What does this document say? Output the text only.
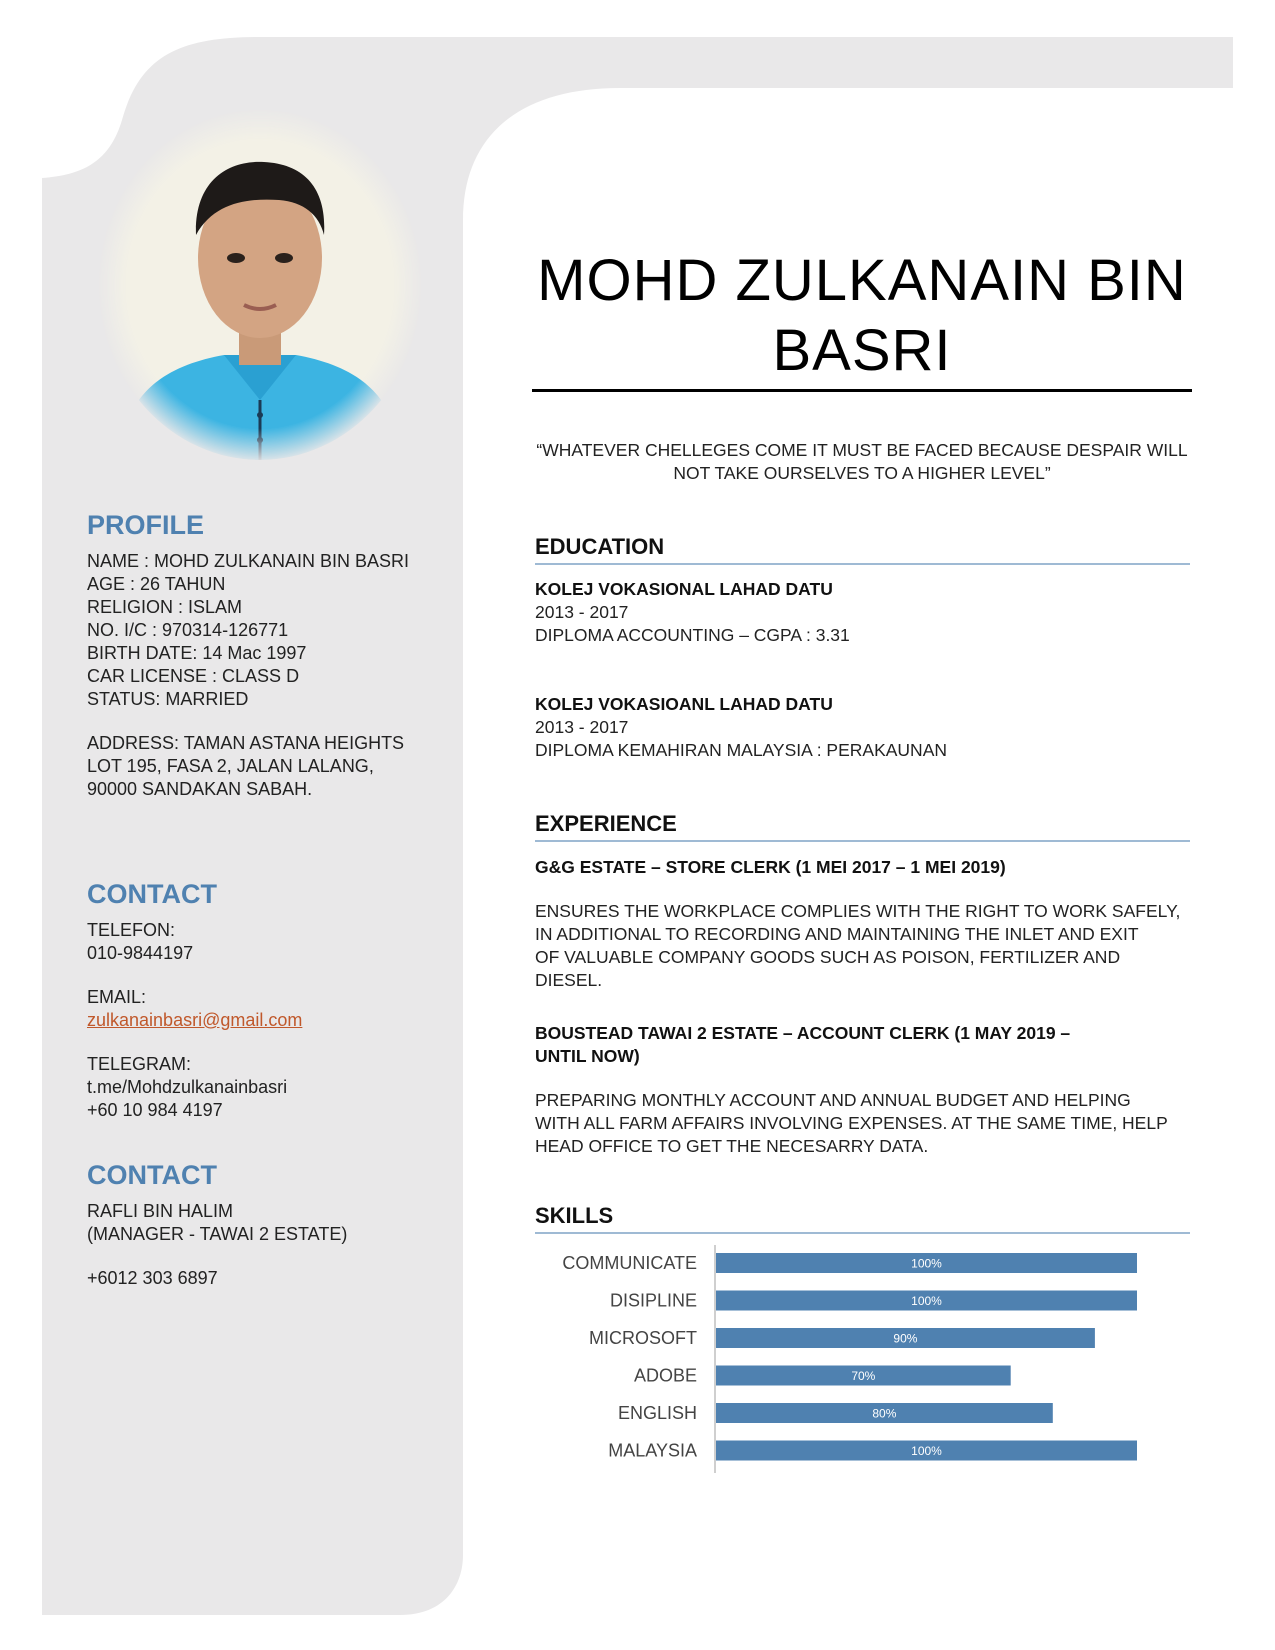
PROFILE
NAME : MOHD ZULKANAIN BIN BASRI
AGE : 26 TAHUN
RELIGION : ISLAM
NO. I/C : 970314-126771
BIRTH DATE: 14 Mac 1997
CAR LICENSE : CLASS D
STATUS: MARRIED
ADDRESS: TAMAN ASTANA HEIGHTS
LOT 195, FASA 2, JALAN LALANG,
90000 SANDAKAN SABAH.
CONTACT
TELEFON:
010-9844197
EMAIL:
zulkanainbasri@gmail.com
TELEGRAM:
t.me/Mohdzulkanainbasri
+60 10 984 4197
CONTACT
RAFLI BIN HALIM
(MANAGER - TAWAI 2 ESTATE)
+6012 303 6897
MOHD ZULKANAIN BIN
BASRI
“WHATEVER CHELLEGES COME IT MUST BE FACED BECAUSE DESPAIR WILL
NOT TAKE OURSELVES TO A HIGHER LEVEL”
EDUCATION
KOLEJ VOKASIONAL LAHAD DATU
2013 - 2017
DIPLOMA ACCOUNTING – CGPA : 3.31
KOLEJ VOKASIOANL LAHAD DATU
2013 - 2017
DIPLOMA KEMAHIRAN MALAYSIA : PERAKAUNAN
EXPERIENCE
G&G ESTATE – STORE CLERK (1 MEI 2017 – 1 MEI 2019)
ENSURES THE WORKPLACE COMPLIES WITH THE RIGHT TO WORK SAFELY,
IN ADDITIONAL TO RECORDING AND MAINTAINING THE INLET AND EXIT
OF VALUABLE COMPANY GOODS SUCH AS POISON, FERTILIZER AND
DIESEL.
BOUSTEAD TAWAI 2 ESTATE – ACCOUNT CLERK (1 MAY 2019 –
UNTIL NOW)
PREPARING MONTHLY ACCOUNT AND ANNUAL BUDGET AND HELPING
WITH ALL FARM AFFAIRS INVOLVING EXPENSES. AT THE SAME TIME, HELP
HEAD OFFICE TO GET THE NECESARRY DATA.
SKILLS
COMMUNICATE	100%
DISIPLINE	100%
MICROSOFT	90%
ADOBE	70%
ENGLISH	80%
MALAYSIA	100%
